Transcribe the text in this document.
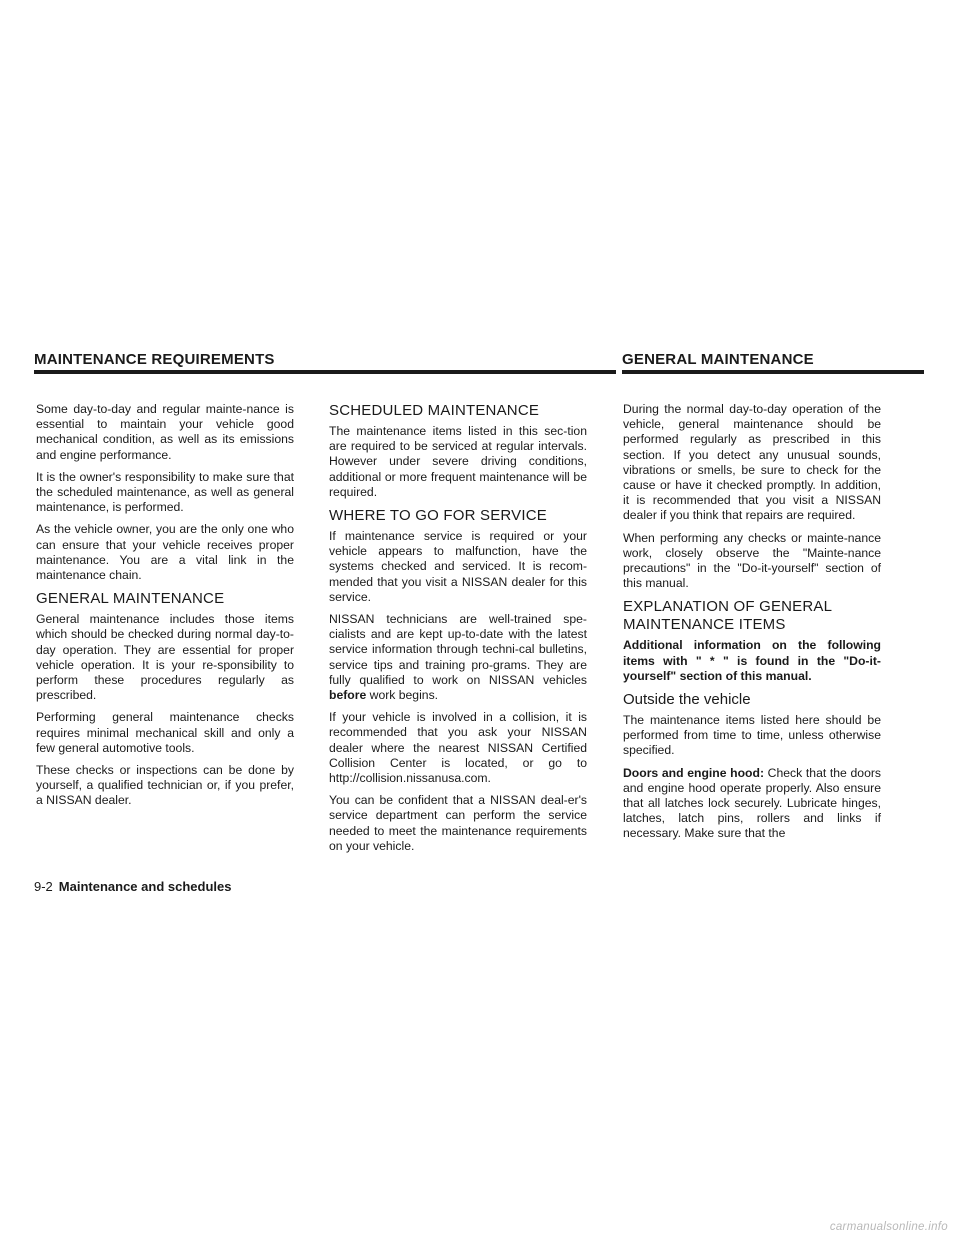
MAINTENANCE REQUIREMENTS	GENERAL MAINTENANCE

Some day-to-day and regular mainte-nance is essential to maintain your vehicle good mechanical condition, as well as its emissions and engine performance.

It is the owner's responsibility to make sure that the scheduled maintenance, as well as general maintenance, is performed.

As the vehicle owner, you are the only one who can ensure that your vehicle receives proper maintenance. You are a vital link in the maintenance chain.

GENERAL MAINTENANCE

General maintenance includes those items which should be checked during normal day-to-day operation. They are essential for proper vehicle operation. It is your re-sponsibility to perform these procedures regularly as prescribed.

Performing general maintenance checks requires minimal mechanical skill and only a few general automotive tools.

These checks or inspections can be done by yourself, a qualified technician or, if you prefer, a NISSAN dealer.

SCHEDULED MAINTENANCE

The maintenance items listed in this sec-tion are required to be serviced at regular intervals. However under severe driving conditions, additional or more frequent maintenance will be required.

WHERE TO GO FOR SERVICE

If maintenance service is required or your vehicle appears to malfunction, have the systems checked and serviced. It is recom-mended that you visit a NISSAN dealer for this service.

NISSAN technicians are well-trained spe-cialists and are kept up-to-date with the latest service information through techni-cal bulletins, service tips and training pro-grams. They are fully qualified to work on NISSAN vehicles before work begins.

If your vehicle is involved in a collision, it is recommended that you ask your NISSAN dealer where the nearest NISSAN Certified Collision Center is located, or go to http://collision.nissanusa.com.

You can be confident that a NISSAN deal-er's service department can perform the service needed to meet the maintenance requirements on your vehicle.

During the normal day-to-day operation of the vehicle, general maintenance should be performed regularly as prescribed in this section. If you detect any unusual sounds, vibrations or smells, be sure to check for the cause or have it checked promptly. In addition, it is recommended that you visit a NISSAN dealer if you think that repairs are required.

When performing any checks or mainte-nance work, closely observe the "Mainte-nance precautions" in the "Do-it-yourself" section of this manual.

EXPLANATION OF GENERAL MAINTENANCE ITEMS

Additional information on the following items with " * " is found in the "Do-it-yourself" section of this manual.

Outside the vehicle

The maintenance items listed here should be performed from time to time, unless otherwise specified.

Doors and engine hood: Check that the doors and engine hood operate properly. Also ensure that all latches lock securely. Lubricate hinges, latches, latch pins, rollers and links if necessary. Make sure that the

9-2 Maintenance and schedules
carmanualsonline.info
